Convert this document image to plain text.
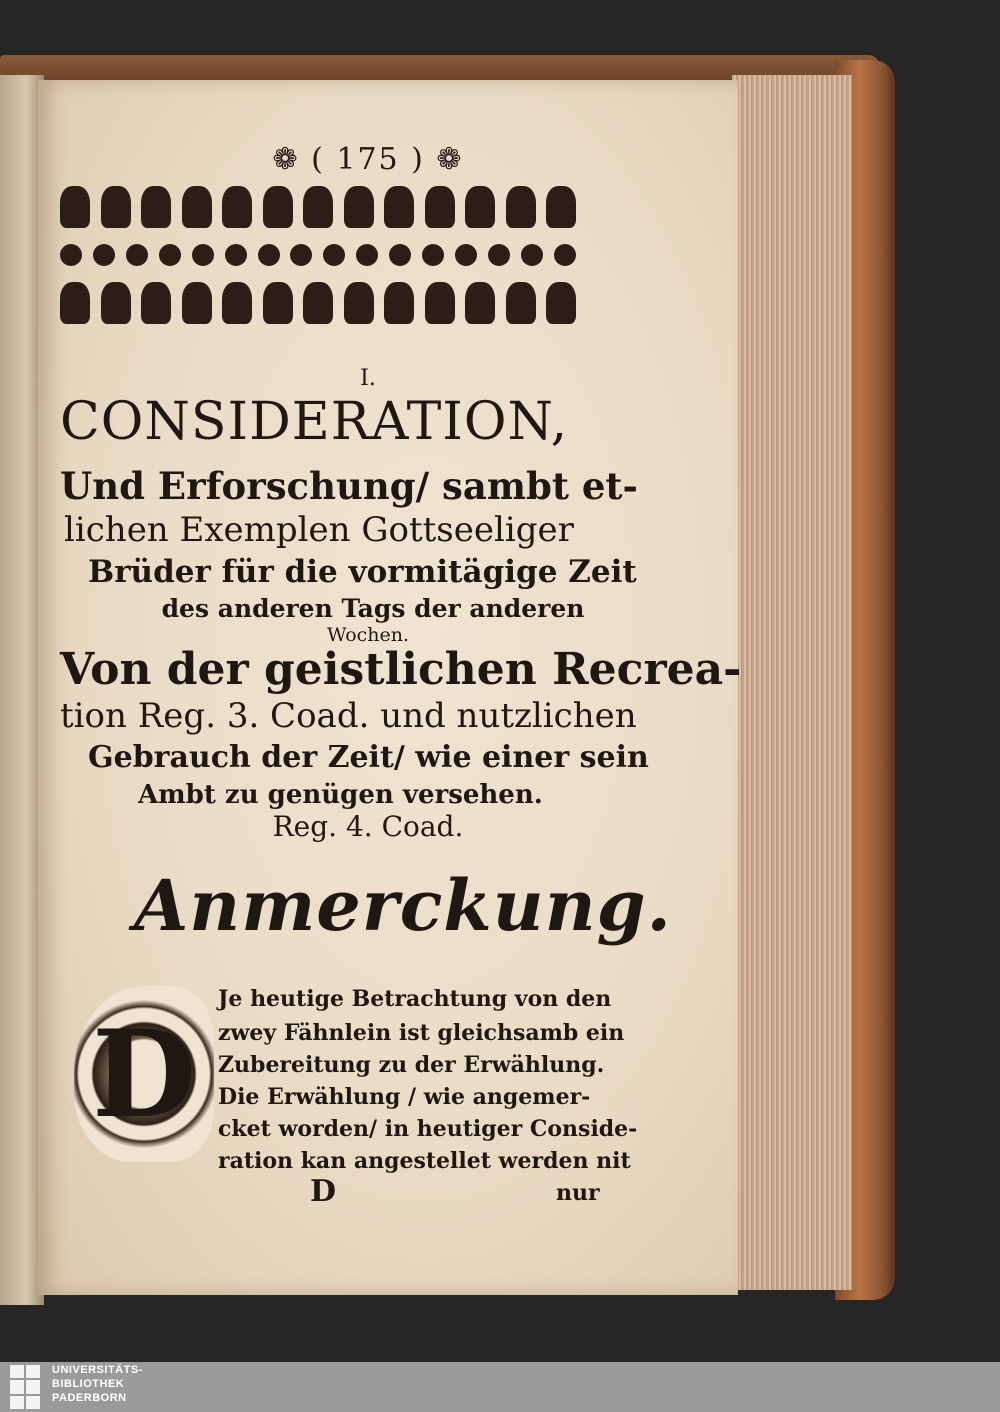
❁ ( 175 ) ❁
I.
CONSIDERATION,
Und Erforschung/ sambt et-
lichen Exemplen Gottseeliger
Brüder für die vormitägige Zeit
des anderen Tags der anderen
Wochen.
Von der geistlichen Recrea-
tion Reg. 3. Coad. und nutzlichen
Gebrauch der Zeit/ wie einer sein
Ambt zu genügen versehen.
Reg. 4. Coad.
Anmerckung.
D
Je heutige Betrachtung von den
zwey Fähnlein ist gleichsamb ein
Zubereitung zu der Erwählung.
Die Erwählung / wie angemer-
cket worden/ in heutiger Conside-
ration kan angestellet werden nit
D	nur
UNIVERSITÄTS-
BIBLIOTHEK
PADERBORN
